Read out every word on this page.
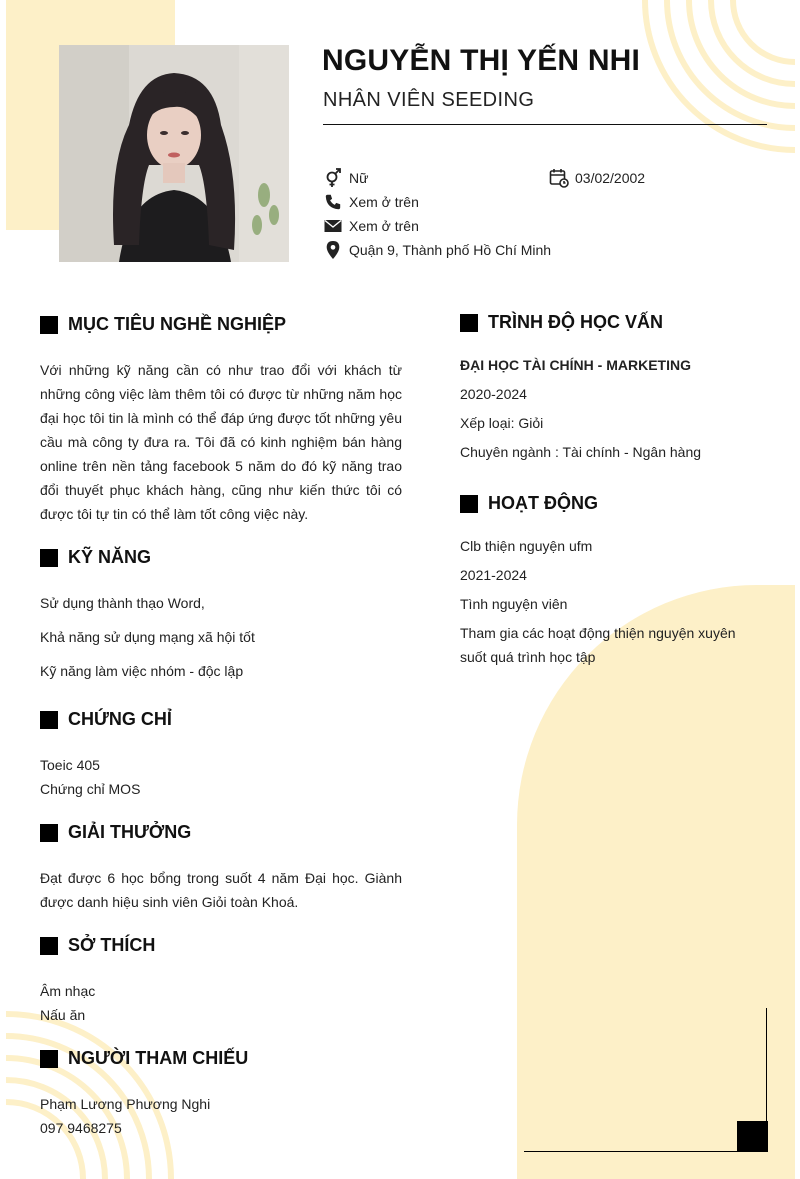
NGUYỄN THỊ YẾN NHI
NHÂN VIÊN SEEDING
Nữ	03/02/2002
Xem ở trên
Xem ở trên
Quận 9, Thành phố Hồ Chí Minh
MỤC TIÊU NGHỀ NGHIỆP
Với những kỹ năng cần có như trao đổi với khách từ những công việc làm thêm tôi có được từ những năm học đại học tôi tin là mình có thể đáp ứng được tốt những yêu cầu mà công ty đưa ra. Tôi đã có kinh nghiệm bán hàng online trên nền tảng facebook 5 năm do đó kỹ năng trao đổi thuyết phục khách hàng, cũng như kiến thức tôi có được tôi tự tin có thể làm tốt công việc này.
KỸ NĂNG
Sử dụng thành thạo Word,
Khả năng sử dụng mạng xã hội tốt
Kỹ năng làm việc nhóm - độc lập
CHỨNG CHỈ
Toeic 405
Chứng chỉ MOS
GIẢI THƯỞNG
Đạt được 6 học bổng trong suốt 4 năm Đại học. Giành được danh hiệu sinh viên Giỏi toàn Khoá.
SỞ THÍCH
Âm nhạc
Nấu ăn
NGƯỜI THAM CHIẾU
Phạm Lương Phương Nghi
097 9468275
TRÌNH ĐỘ HỌC VẤN
ĐẠI HỌC TÀI CHÍNH - MARKETING
2020-2024
Xếp loại: Giỏi
Chuyên ngành : Tài chính - Ngân hàng
HOẠT ĐỘNG
Clb thiện nguyện ufm
2021-2024
Tình nguyện viên
Tham gia các hoạt động thiện nguyện xuyên suốt quá trình học tập
